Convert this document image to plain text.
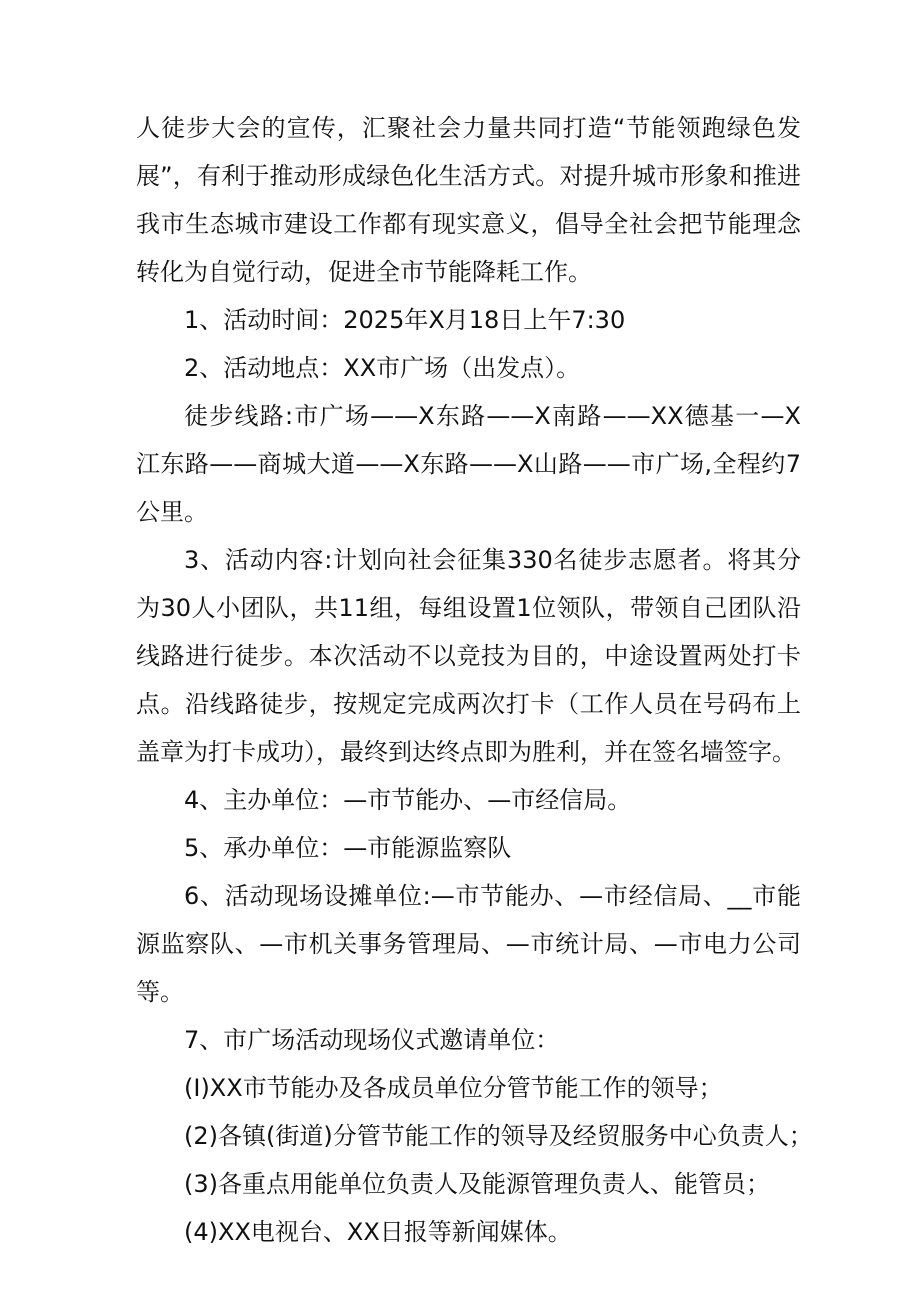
人徒步大会的宣传，汇聚社会力量共同打造“节能领跑绿色发展”，有利于推动形成绿色化生活方式。对提升城市形象和推进我市生态城市建设工作都有现实意义，倡导全社会把节能理念转化为自觉行动，促进全市节能降耗工作。

1、活动时间：2025年X月18日上午7:30

2、活动地点：XX市广场（出发点）。

徒步线路:市广场——X东路——X南路——XX德基一—X江东路——商城大道——X东路——X山路——市广场,全程约7公里。

3、活动内容:计划向社会征集330名徒步志愿者。将其分为30人小团队，共11组，每组设置1位领队，带领自己团队沿线路进行徒步。本次活动不以竞技为目的，中途设置两处打卡点。沿线路徒步，按规定完成两次打卡（工作人员在号码布上盖章为打卡成功），最终到达终点即为胜利，并在签名墙签字。

4、主办单位：—市节能办、—市经信局。

5、承办单位：—市能源监察队

6、活动现场设摊单位:—市节能办、—市经信局、__市能源监察队、—市机关事务管理局、—市统计局、—市电力公司等。

7、市广场活动现场仪式邀请单位：

(I)XX市节能办及各成员单位分管节能工作的领导；

(2)各镇(街道)分管节能工作的领导及经贸服务中心负责人；

(3)各重点用能单位负责人及能源管理负责人、能管员；

(4)XX电视台、XX日报等新闻媒体。
